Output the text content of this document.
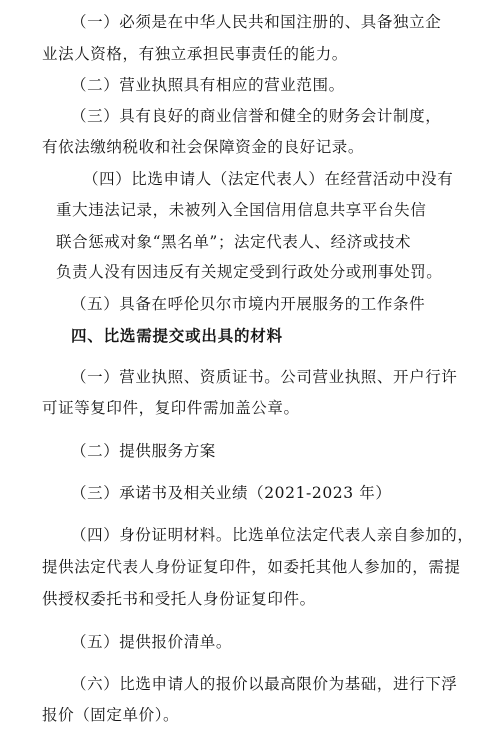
（一）必须是在中华人民共和国注册的、具备独立企
业法人资格，有独立承担民事责任的能力。
（二）营业执照具有相应的营业范围。
（三）具有良好的商业信誉和健全的财务会计制度，
有依法缴纳税收和社会保障资金的良好记录。
（四）比选申请人（法定代表人）在经营活动中没有
重大违法记录，未被列入全国信用信息共享平台失信
联合惩戒对象“黑名单”；法定代表人、经济或技术
负责人没有因违反有关规定受到行政处分或刑事处罚。
（五）具备在呼伦贝尔市境内开展服务的工作条件
四、比选需提交或出具的材料
（一）营业执照、资质证书。公司营业执照、开户行许
可证等复印件，复印件需加盖公章。
（二）提供服务方案
（三）承诺书及相关业绩（2021-2023 年）
（四）身份证明材料。比选单位法定代表人亲自参加的，
提供法定代表人身份证复印件，如委托其他人参加的，需提
供授权委托书和受托人身份证复印件。
（五）提供报价清单。
（六）比选申请人的报价以最高限价为基础，进行下浮
报价（固定单价）。
